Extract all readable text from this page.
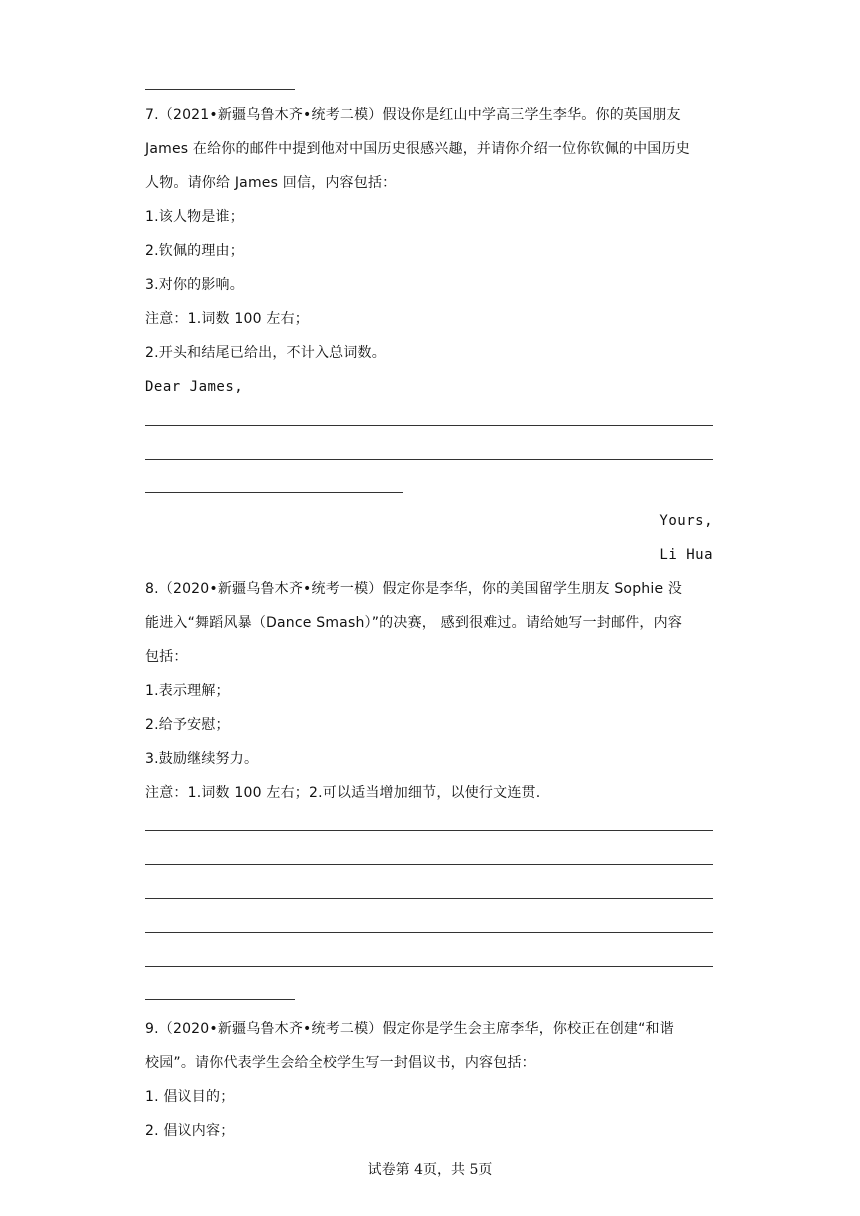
7.（2021•新疆乌鲁木齐•统考二模）假设你是红山中学高三学生李华。你的英国朋友
James 在给你的邮件中提到他对中国历史很感兴趣，并请你介绍一位你钦佩的中国历史
人物。请你给 James 回信，内容包括：
1.该人物是谁；
2.钦佩的理由；
3.对你的影响。
注意：1.词数 100 左右；
2.开头和结尾已给出，不计入总词数。
Dear James,
Yours,
Li Hua
8.（2020•新疆乌鲁木齐•统考一模）假定你是李华，你的美国留学生朋友 Sophie 没
能进入“舞蹈风暴（Dance Smash）”的决赛， 感到很难过。请给她写一封邮件，内容
包括：
1.表示理解；
2.给予安慰；
3.鼓励继续努力。
注意：1.词数 100 左右；2.可以适当增加细节，以使行文连贯.
9.（2020•新疆乌鲁木齐•统考二模）假定你是学生会主席李华，你校正在创建“和谐
校园”。请你代表学生会给全校学生写一封倡议书，内容包括：
1. 倡议目的；
2. 倡议内容；
试卷第 4页，共 5页
